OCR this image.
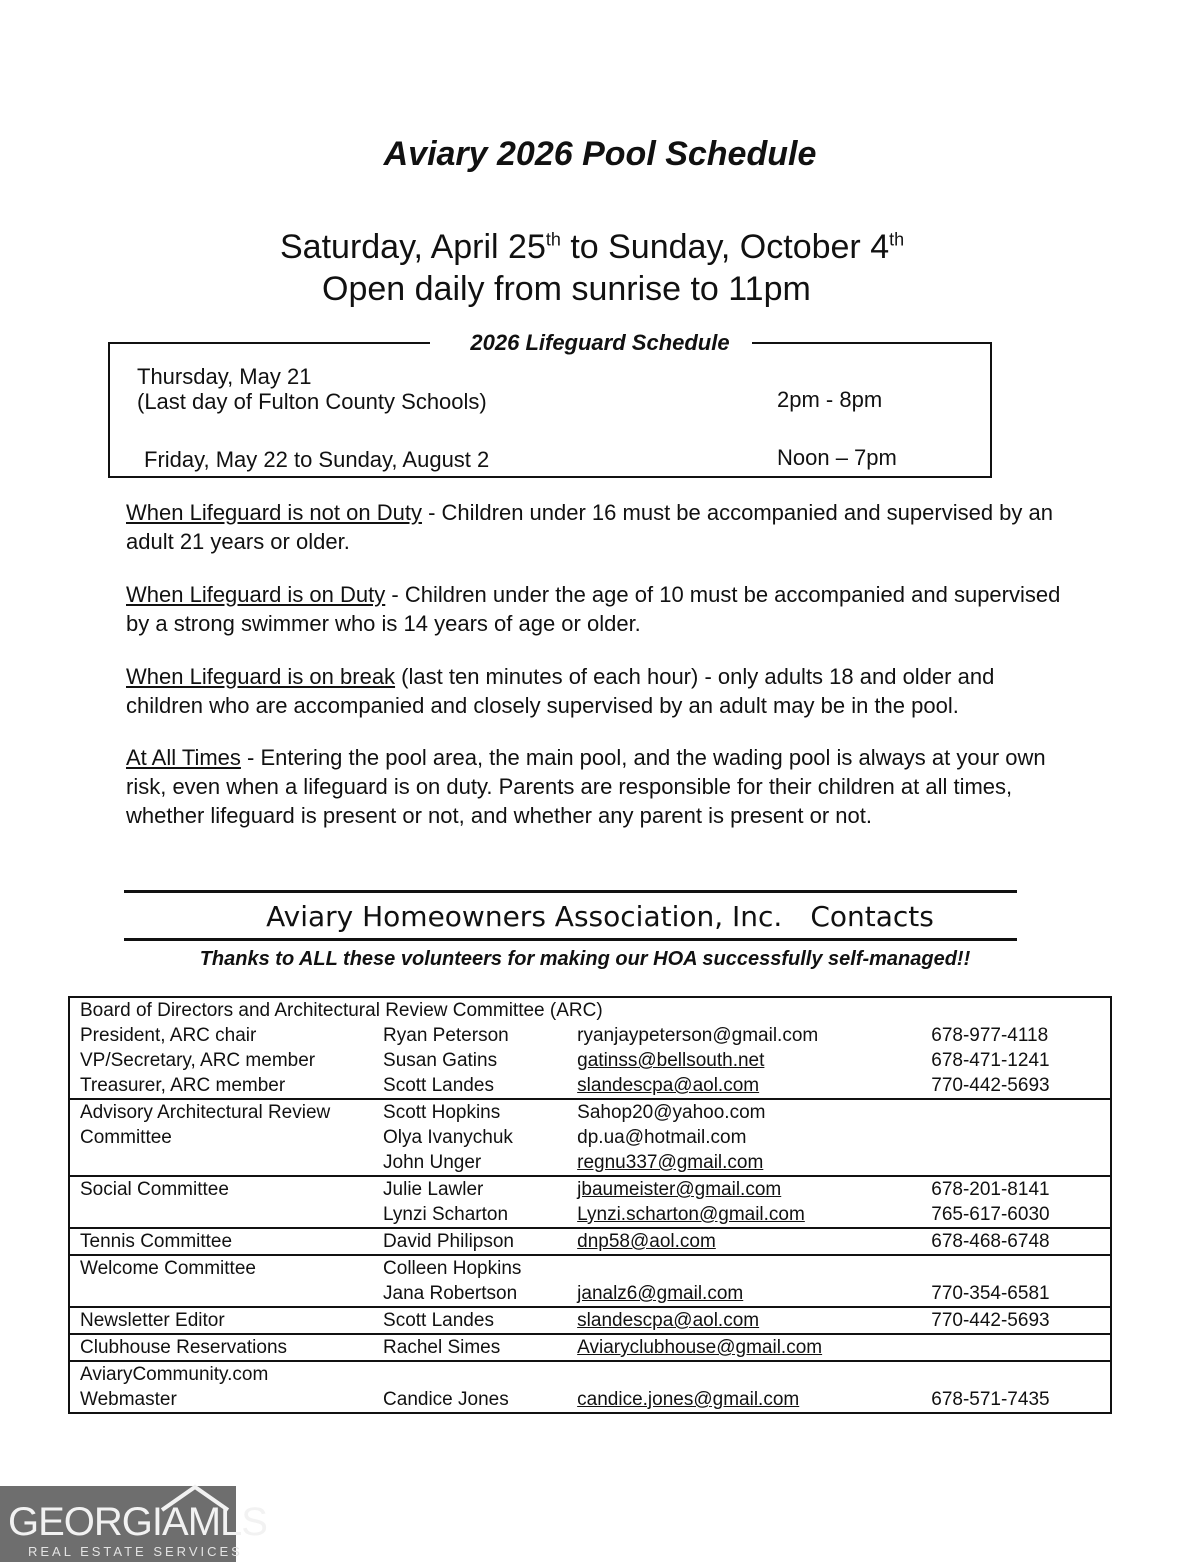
Aviary 2026 Pool Schedule
Saturday, April 25th to Sunday, October 4th
Open daily from sunrise to 11pm
2026 Lifeguard Schedule
Thursday, May 21
(Last day of Fulton County Schools)	2pm - 8pm
Friday, May 22 to Sunday, August 2	Noon – 7pm
When Lifeguard is not on Duty - Children under 16 must be accompanied and supervised by an adult 21 years or older.
When Lifeguard is on Duty - Children under the age of 10 must be accompanied and supervised by a strong swimmer who is 14 years of age or older.
When Lifeguard is on break (last ten minutes of each hour) - only adults 18 and older and children who are accompanied and closely supervised by an adult may be in the pool.
At All Times - Entering the pool area, the main pool, and the wading pool is always at your own risk, even when a lifeguard is on duty. Parents are responsible for their children at all times, whether lifeguard is present or not, and whether any parent is present or not.
Aviary Homeowners Association, Inc. Contacts
Thanks to ALL these volunteers for making our HOA successfully self-managed!!
Board of Directors and Architectural Review Committee (ARC)			
President, ARC chair	Ryan Peterson	ryanjaypeterson@gmail.com	678-977-4118
VP/Secretary, ARC member	Susan Gatins	gatinss@bellsouth.net	678-471-1241
Treasurer, ARC member	Scott Landes	slandescpa@aol.com	770-442-5693
Advisory Architectural Review	Scott Hopkins	Sahop20@yahoo.com	
Committee	Olya Ivanychuk	dp.ua@hotmail.com	
	John Unger	regnu337@gmail.com	
Social Committee	Julie Lawler	jbaumeister@gmail.com	678-201-8141
	Lynzi Scharton	Lynzi.scharton@gmail.com	765-617-6030
Tennis Committee	David Philipson	dnp58@aol.com	678-468-6748
Welcome Committee	Colleen Hopkins		
	Jana Robertson	janalz6@gmail.com	770-354-6581
Newsletter Editor	Scott Landes	slandescpa@aol.com	770-442-5693
Clubhouse Reservations	Rachel Simes	Aviaryclubhouse@gmail.com	
AviaryCommunity.com			
Webmaster	Candice Jones	candice.jones@gmail.com	678-571-7435
GEORGIAMLS
REAL ESTATE SERVICES
